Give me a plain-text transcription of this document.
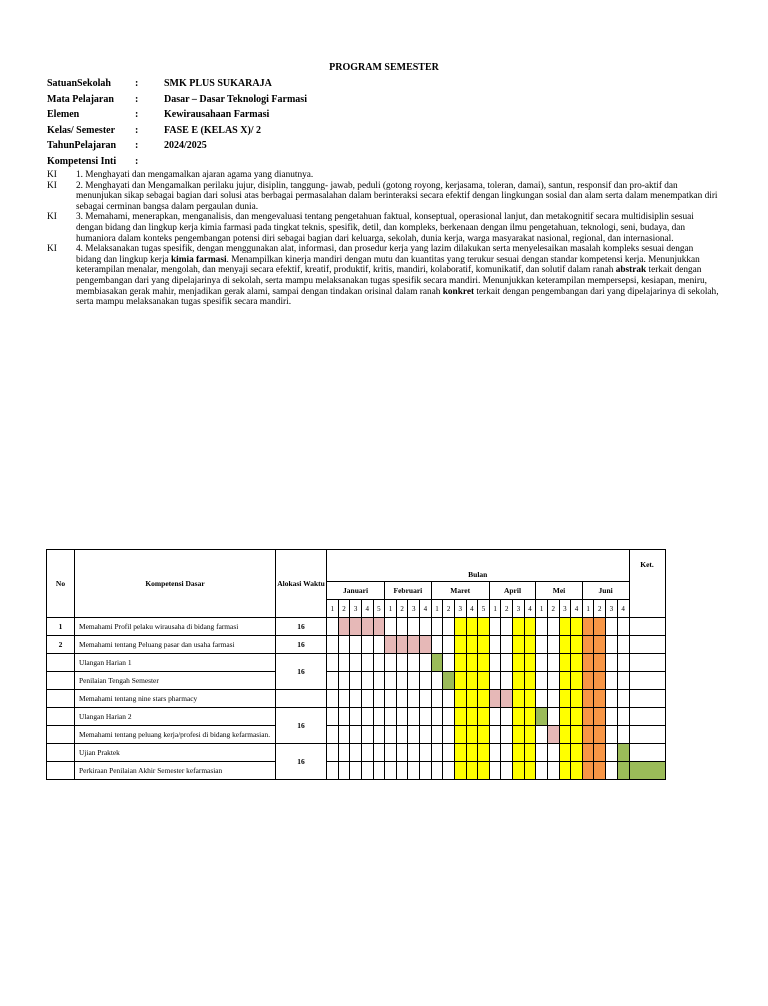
PROGRAM SEMESTER
SatuanSekolah	:	SMK PLUS SUKARAJA
Mata Pelajaran	:	Dasar – Dasar Teknologi Farmasi
Elemen	:	Kewirausahaan Farmasi
Kelas/ Semester	:	FASE E (KELAS X)/ 2
TahunPelajaran	:	2024/2025
Kompetensi Inti	:

KI 1. Menghayati dan mengamalkan ajaran agama yang dianutnya.

KI 2. Menghayati dan Mengamalkan perilaku jujur, disiplin, tanggung- jawab, peduli (gotong royong, kerjasama, toleran, damai), santun, responsif dan pro-aktif dan menunjukan sikap sebagai bagian dari solusi atas berbagai permasalahan dalam berinteraksi secara efektif dengan lingkungan sosial dan alam serta dalam menempatkan diri sebagai cerminan bangsa dalam pergaulan dunia.

KI 3. Memahami, menerapkan, menganalisis, dan mengevaluasi tentang pengetahuan faktual, konseptual, operasional lanjut, dan metakognitif secara multidisiplin sesuai dengan bidang dan lingkup kerja kimia farmasi pada tingkat teknis, spesifik, detil, dan kompleks, berkenaan dengan ilmu pengetahuan, teknologi, seni, budaya, dan humaniora dalam konteks pengembangan potensi diri sebagai bagian dari keluarga, sekolah, dunia kerja, warga masyarakat nasional, regional, dan internasional.

KI 4. Melaksanakan tugas spesifik, dengan menggunakan alat, informasi, dan prosedur kerja yang lazim dilakukan serta menyelesaikan masalah kompleks sesuai dengan bidang dan lingkup kerja kimia farmasi. Menampilkan kinerja mandiri dengan mutu dan kuantitas yang terukur sesuai dengan standar kompetensi kerja. Menunjukkan keterampilan menalar, mengolah, dan menyaji secara efektif, kreatif, produktif, kritis, mandiri, kolaboratif, komunikatif, dan solutif dalam ranah abstrak terkait dengan pengembangan dari yang dipelajarinya di sekolah, serta mampu melaksanakan tugas spesifik secara mandiri. Menunjukkan keterampilan mempersepsi, kesiapan, meniru, membiasakan gerak mahir, menjadikan gerak alami, sampai dengan tindakan orisinal dalam ranah konkret terkait dengan pengembangan dari yang dipelajarinya di sekolah, serta mampu melaksanakan tugas spesifik secara mandiri.

No	Kompetensi Dasar	Alokasi Waktu	Bulan																										Ket.
			Januari					Februari				Maret					April				Mei				Juni				
			1	2	3	4	5	1	2	3	4	1	2	3	4	5	1	2	3	4	1	2	3	4	1	2	3	4	
1	Memahami Profil pelaku wirausaha di bidang farmasi	16																											
2	Memahami tentang Peluang pasar dan usaha farmasi	16																											
	Ulangan Harian 1	16																											
	Penilaian Tengah Semester																												
	Memahami tentang nine stars pharmacy																												
	Ulangan Harian 2	16																											
	Memahami tentang peluang kerja/profesi di bidang kefarmasian.																												
	Ujian Praktek	16																											
	Perkiraan Penilaian Akhir Semester kefarmasian																												
